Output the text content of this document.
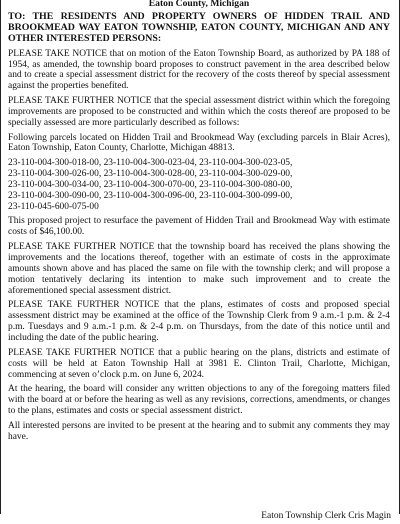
Eaton County, Michigan
TO: THE RESIDENTS AND PROPERTY OWNERS OF HIDDEN TRAIL AND BROOKMEAD WAY EATON TOWNSHIP, EATON COUNTY, MICHIGAN AND ANY OTHER INTERESTED PERSONS:

PLEASE TAKE NOTICE that on motion of the Eaton Township Board, as authorized by PA 188 of 1954, as amended, the township board proposes to construct pavement in the area described below and to create a special assessment district for the recovery of the costs thereof by special assessment against the properties benefited.

PLEASE TAKE FURTHER NOTICE that the special assessment district within which the foregoing improvements are proposed to be constructed and within which the costs thereof are proposed to be specially assessed are more particularly described as follows:

Following parcels located on Hidden Trail and Brookmead Way (excluding parcels in Blair Acres), Eaton Township, Eaton County, Charlotte, Michigan 48813.

23-110-004-300-018-00, 23-110-004-300-023-04, 23-110-004-300-023-05,
23-110-004-300-026-00, 23-110-004-300-028-00, 23-110-004-300-029-00,
23-110-004-300-034-00, 23-110-004-300-070-00, 23-110-004-300-080-00,
23-110-004-300-090-00, 23-110-004-300-096-00, 23-110-004-300-099-00,
23-110-045-600-075-00

This proposed project to resurface the pavement of Hidden Trail and Brookmead Way with estimate costs of $46,100.00.

PLEASE TAKE FURTHER NOTICE that the township board has received the plans showing the improvements and the locations thereof, together with an estimate of costs in the approximate amounts shown above and has placed the same on file with the township clerk; and will propose a motion tentatively declaring its intention to make such improvement and to create the aforementioned special assessment district.

PLEASE TAKE FURTHER NOTICE that the plans, estimates of costs and proposed special assessment district may be examined at the office of the Township Clerk from 9 a.m.-1 p.m. & 2-4 p.m. Tuesdays and 9 a.m.-1 p.m. & 2-4 p.m. on Thursdays, from the date of this notice until and including the date of the public hearing.

PLEASE TAKE FURTHER NOTICE that a public hearing on the plans, districts and estimate of costs will be held at Eaton Township Hall at 3981 E. Clinton Trail, Charlotte, Michigan, commencing at seven o’clock p.m. on June 6, 2024.

At the hearing, the board will consider any written objections to any of the foregoing matters filed with the board at or before the hearing as well as any revisions, corrections, amendments, or changes to the plans, estimates and costs or special assessment district.

All interested persons are invited to be present at the hearing and to submit any comments they may have.

Eaton Township Clerk Cris Magin
